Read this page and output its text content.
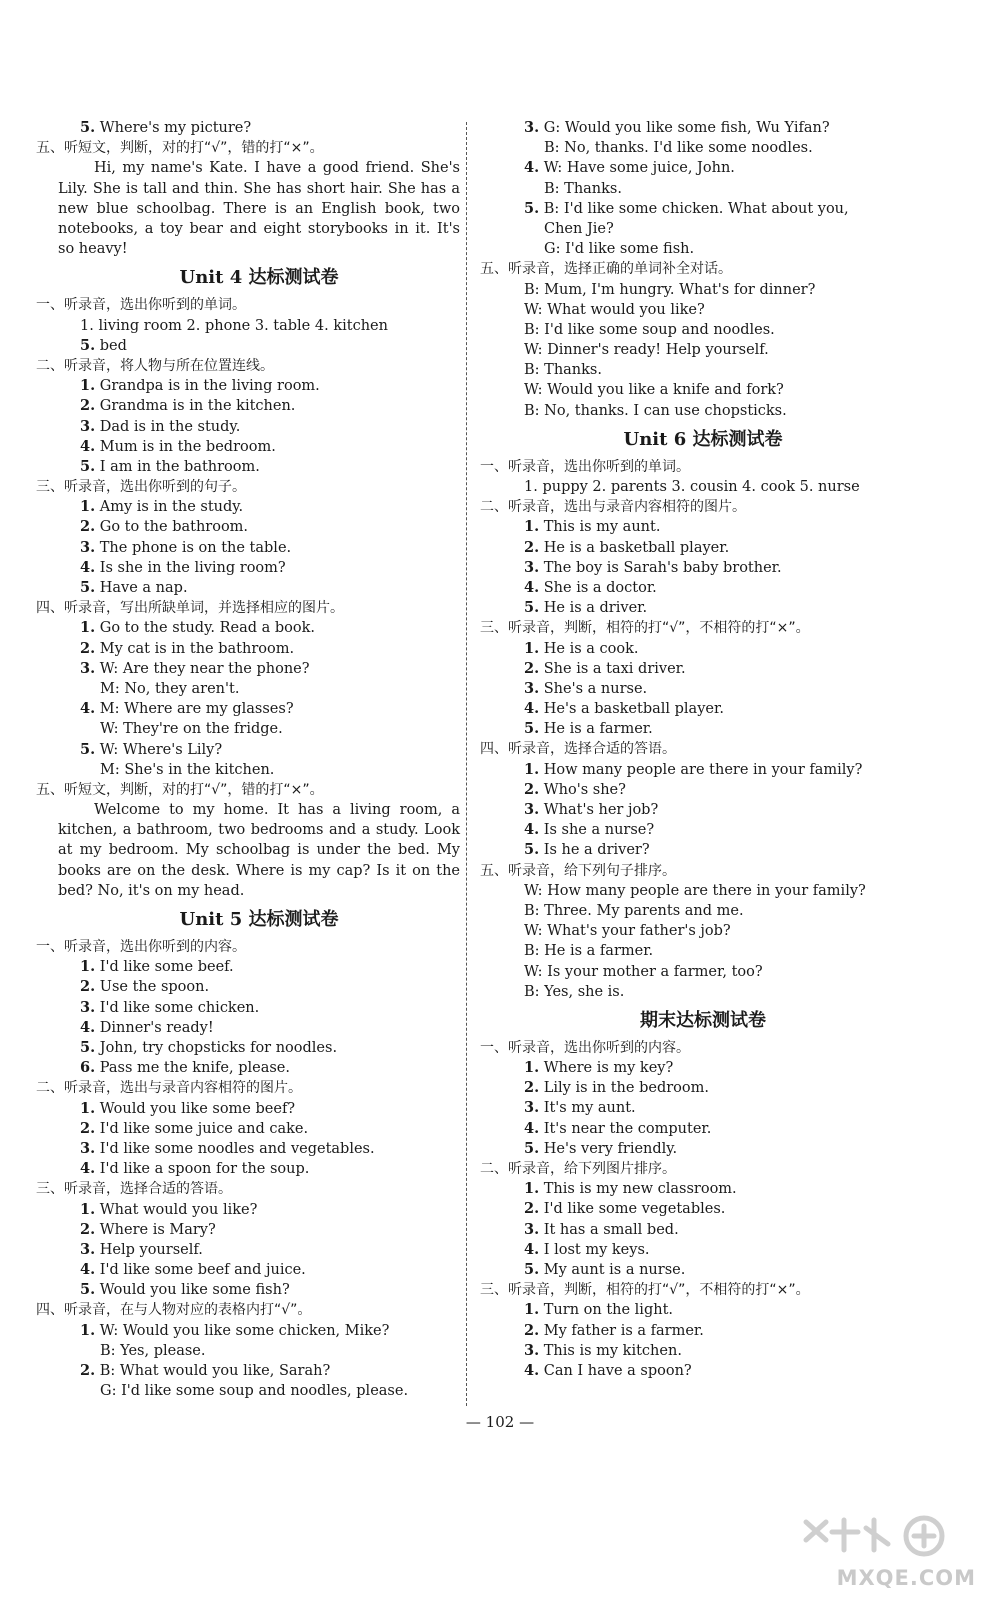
5. Where's my picture?
五、听短文，判断，对的打“√”，错的打“×”。
Hi, my name's Kate. I have a good friend. She's Lily. She is tall and thin. She has short hair. She has a new blue schoolbag. There is an English book, two notebooks, a toy bear and eight storybooks in it. It's so heavy!
Unit 4 达标测试卷
一、听录音，选出你听到的单词。
1. living room 2. phone 3. table 4. kitchen
5. bed
二、听录音，将人物与所在位置连线。
1. Grandpa is in the living room.
2. Grandma is in the kitchen.
3. Dad is in the study.
4. Mum is in the bedroom.
5. I am in the bathroom.
三、听录音，选出你听到的句子。
1. Amy is in the study.
2. Go to the bathroom.
3. The phone is on the table.
4. Is she in the living room?
5. Have a nap.
四、听录音，写出所缺单词，并选择相应的图片。
1. Go to the study. Read a book.
2. My cat is in the bathroom.
3. W: Are they near the phone?
M: No, they aren't.
4. M: Where are my glasses?
W: They're on the fridge.
5. W: Where's Lily?
M: She's in the kitchen.
五、听短文，判断，对的打“√”，错的打“×”。
Welcome to my home. It has a living room, a kitchen, a bathroom, two bedrooms and a study. Look at my bedroom. My schoolbag is under the bed. My books are on the desk. Where is my cap? Is it on the bed? No, it's on my head.
Unit 5 达标测试卷
一、听录音，选出你听到的内容。
1. I'd like some beef.
2. Use the spoon.
3. I'd like some chicken.
4. Dinner's ready!
5. John, try chopsticks for noodles.
6. Pass me the knife, please.
二、听录音，选出与录音内容相符的图片。
1. Would you like some beef?
2. I'd like some juice and cake.
3. I'd like some noodles and vegetables.
4. I'd like a spoon for the soup.
三、听录音，选择合适的答语。
1. What would you like?
2. Where is Mary?
3. Help yourself.
4. I'd like some beef and juice.
5. Would you like some fish?
四、听录音，在与人物对应的表格内打“√”。
1. W: Would you like some chicken, Mike?
B: Yes, please.
2. B: What would you like, Sarah?
G: I'd like some soup and noodles, please.
3. G: Would you like some fish, Wu Yifan?
B: No, thanks. I'd like some noodles.
4. W: Have some juice, John.
B: Thanks.
5. B: I'd like some chicken. What about you,
Chen Jie?
G: I'd like some fish.
五、听录音，选择正确的单词补全对话。
B: Mum, I'm hungry. What's for dinner?
W: What would you like?
B: I'd like some soup and noodles.
W: Dinner's ready! Help yourself.
B: Thanks.
W: Would you like a knife and fork?
B: No, thanks. I can use chopsticks.
Unit 6 达标测试卷
一、听录音，选出你听到的单词。
1. puppy 2. parents 3. cousin 4. cook 5. nurse
二、听录音，选出与录音内容相符的图片。
1. This is my aunt.
2. He is a basketball player.
3. The boy is Sarah's baby brother.
4. She is a doctor.
5. He is a driver.
三、听录音，判断，相符的打“√”，不相符的打“×”。
1. He is a cook.
2. She is a taxi driver.
3. She's a nurse.
4. He's a basketball player.
5. He is a farmer.
四、听录音，选择合适的答语。
1. How many people are there in your family?
2. Who's she?
3. What's her job?
4. Is she a nurse?
5. Is he a driver?
五、听录音，给下列句子排序。
W: How many people are there in your family?
B: Three. My parents and me.
W: What's your father's job?
B: He is a farmer.
W: Is your mother a farmer, too?
B: Yes, she is.
期末达标测试卷
一、听录音，选出你听到的内容。
1. Where is my key?
2. Lily is in the bedroom.
3. It's my aunt.
4. It's near the computer.
5. He's very friendly.
二、听录音，给下列图片排序。
1. This is my new classroom.
2. I'd like some vegetables.
3. It has a small bed.
4. I lost my keys.
5. My aunt is a nurse.
三、听录音，判断，相符的打“√”，不相符的打“×”。
1. Turn on the light.
2. My father is a farmer.
3. This is my kitchen.
4. Can I have a spoon?
— 102 —
MXQE.COM
